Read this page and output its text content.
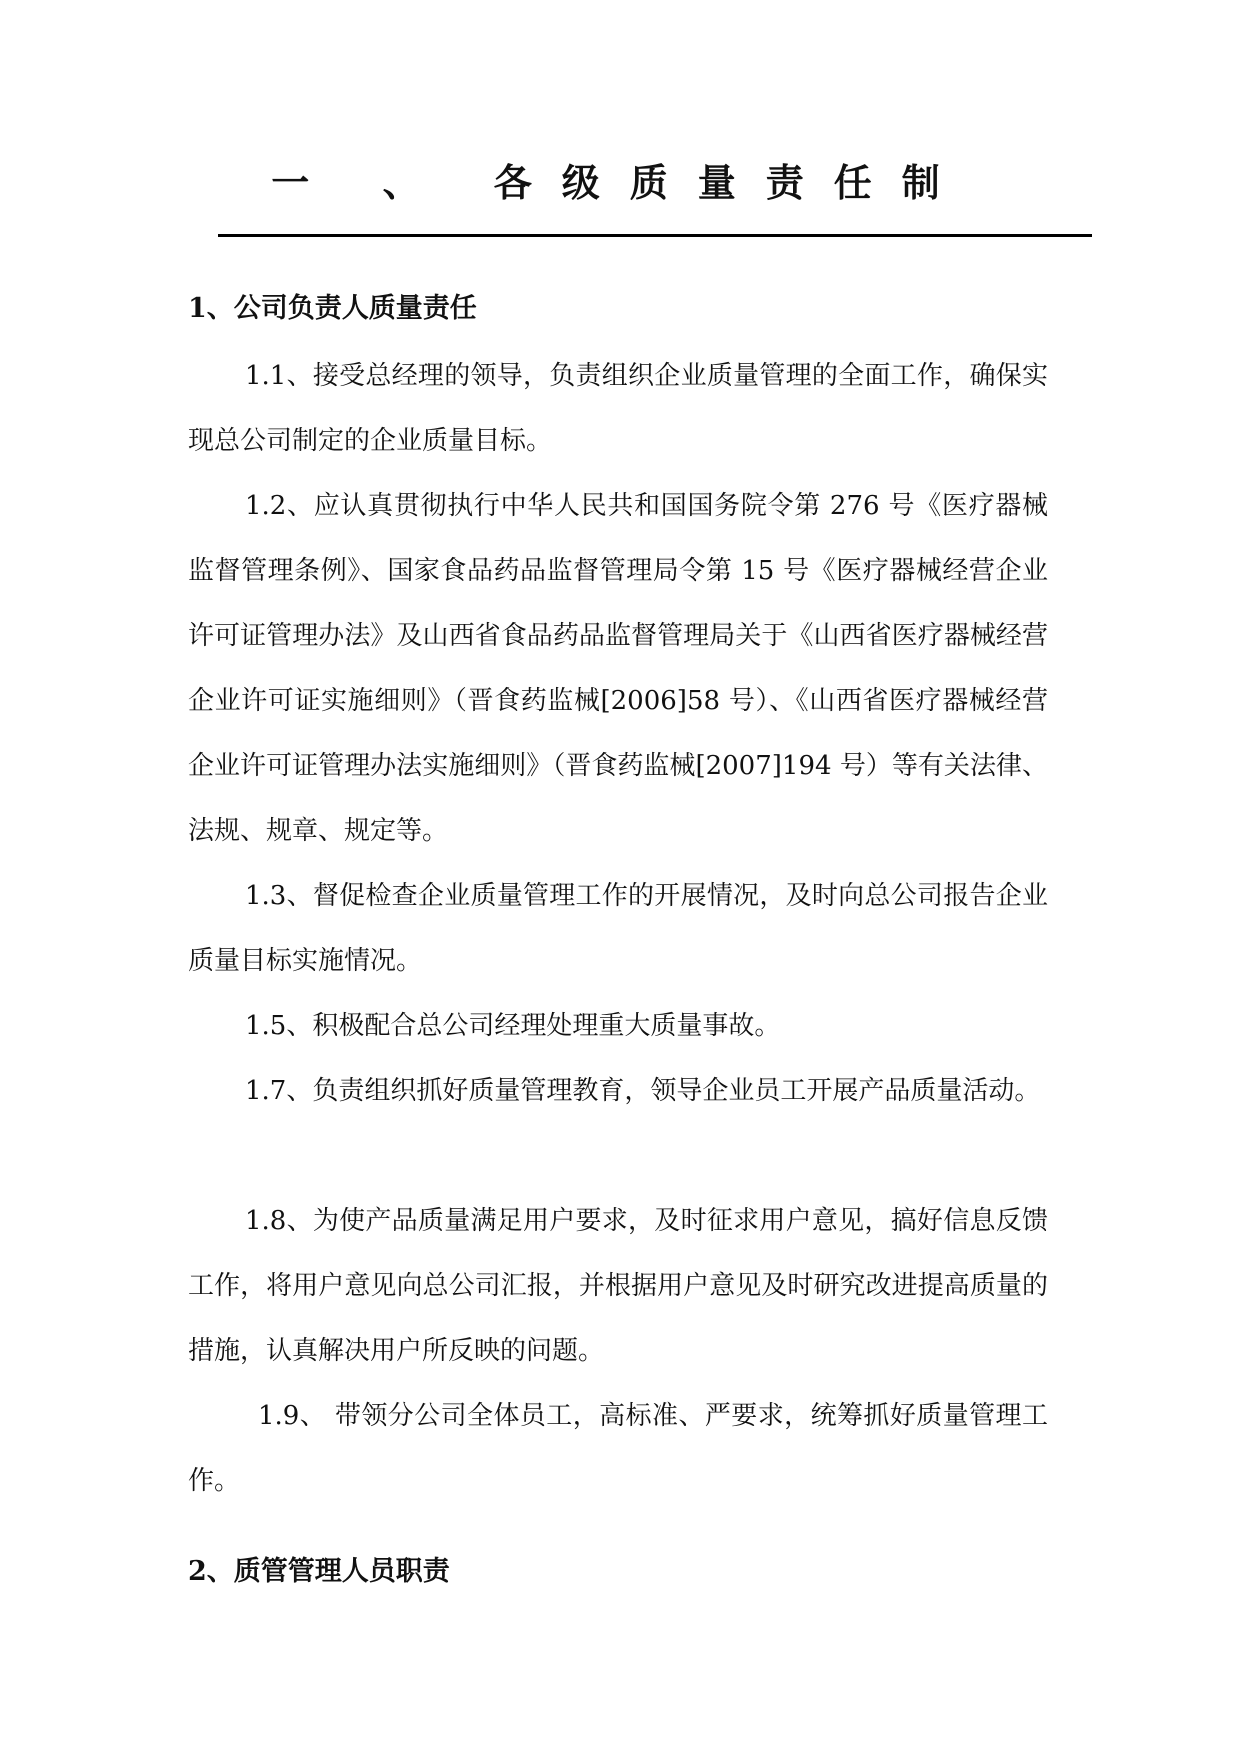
一 、 各级质量责任制
1、公司负责人质量责任

1.1、接受总经理的领导，负责组织企业质量管理的全面工作，确保实现总公司制定的企业质量目标。

1.2、应认真贯彻执行中华人民共和国国务院令第 276 号《医疗器械监督管理条例》、国家食品药品监督管理局令第 15 号《医疗器械经营企业许可证管理办法》及山西省食品药品监督管理局关于《山西省医疗器械经营企业许可证实施细则》（晋食药监械[2006]58 号）、《山西省医疗器械经营企业许可证管理办法实施细则》（晋食药监械[2007]194 号）等有关法律、法规、规章、规定等。

1.3、督促检查企业质量管理工作的开展情况，及时向总公司报告企业质量目标实施情况。

1.5、积极配合总公司经理处理重大质量事故。

1.7、负责组织抓好质量管理教育，领导企业员工开展产品质量活动。

1.8、为使产品质量满足用户要求，及时征求用户意见，搞好信息反馈工作，将用户意见向总公司汇报，并根据用户意见及时研究改进提高质量的措施，认真解决用户所反映的问题。

1.9、 带领分公司全体员工，高标准、严要求，统筹抓好质量管理工作。

2、质管管理人员职责
